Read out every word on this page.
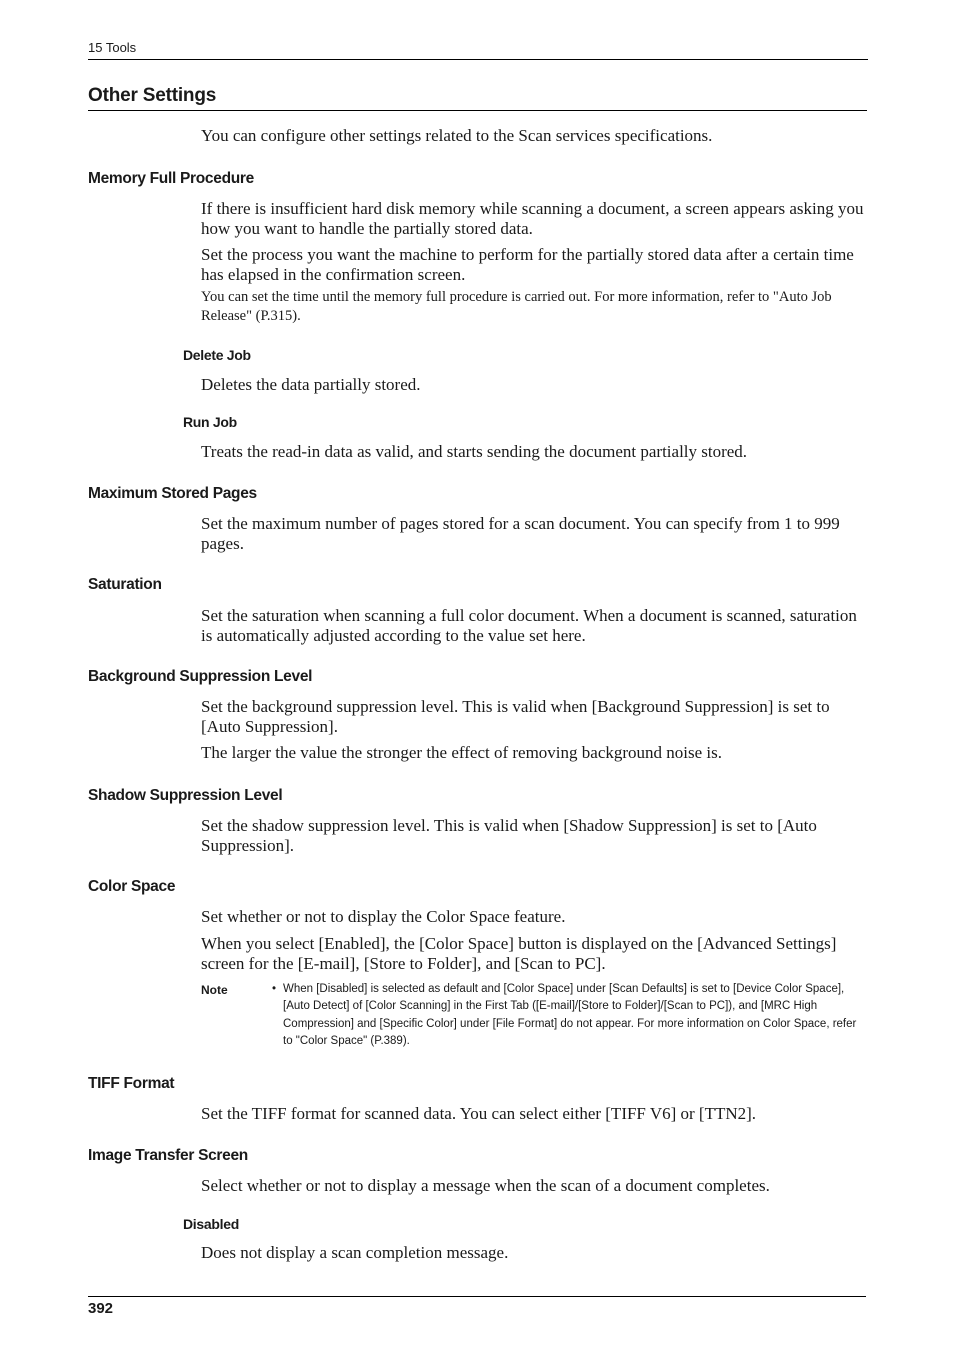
15 Tools
Other Settings
You can configure other settings related to the Scan services specifications.
Memory Full Procedure
If there is insufficient hard disk memory while scanning a document, a screen appears asking you how you want to handle the partially stored data.
Set the process you want the machine to perform for the partially stored data after a certain time has elapsed in the confirmation screen.
You can set the time until the memory full procedure is carried out. For more information, refer to "Auto Job Release" (P.315).
Delete Job
Deletes the data partially stored.
Run Job
Treats the read-in data as valid, and starts sending the document partially stored.
Maximum Stored Pages
Set the maximum number of pages stored for a scan document. You can specify from 1 to 999 pages.
Saturation
Set the saturation when scanning a full color document. When a document is scanned, saturation is automatically adjusted according to the value set here.
Background Suppression Level
Set the background suppression level. This is valid when [Background Suppression] is set to [Auto Suppression].
The larger the value the stronger the effect of removing background noise is.
Shadow Suppression Level
Set the shadow suppression level. This is valid when [Shadow Suppression] is set to [Auto Suppression].
Color Space
Set whether or not to display the Color Space feature.
When you select [Enabled], the [Color Space] button is displayed on the [Advanced Settings] screen for the [E-mail], [Store to Folder], and [Scan to PC].
Note	• When [Disabled] is selected as default and [Color Space] under [Scan Defaults] is set to [Device Color Space], [Auto Detect] of [Color Scanning] in the First Tab ([E-mail]/[Store to Folder]/[Scan to PC]), and [MRC High Compression] and [Specific Color] under [File Format] do not appear. For more information on Color Space, refer to "Color Space" (P.389).
TIFF Format
Set the TIFF format for scanned data. You can select either [TIFF V6] or [TTN2].
Image Transfer Screen
Select whether or not to display a message when the scan of a document completes.
Disabled
Does not display a scan completion message.
392
